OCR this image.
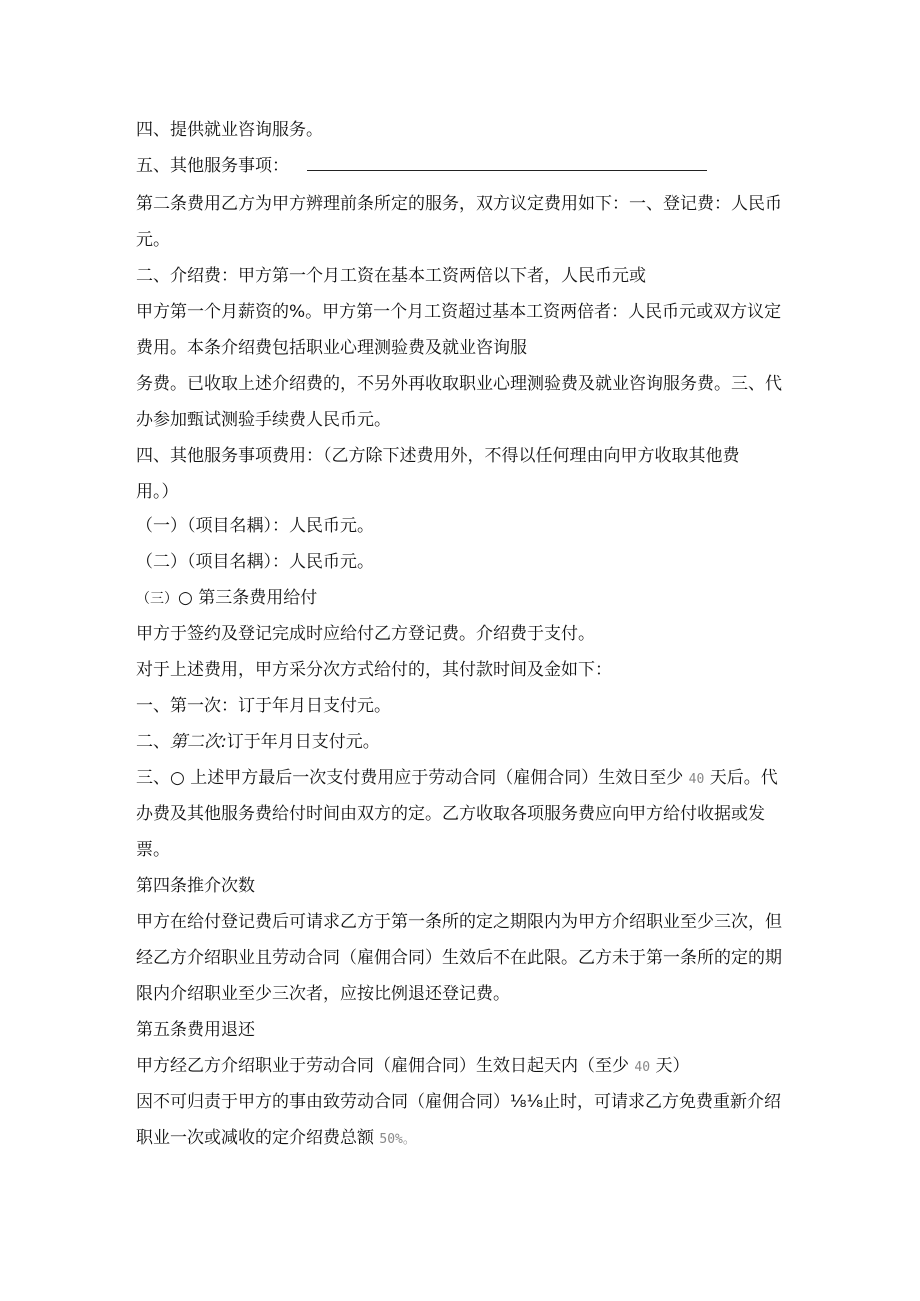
四、提供就业咨询服务。

五、其他服务事项：

第二条费用乙方为甲方辨理前条所定的服务，双方议定费用如下：一、登记费：人民币

元。

二、介绍费：甲方第一个月工资在基本工资两倍以下者，人民币元或

甲方第一个月薪资的%。甲方第一个月工资超过基本工资两倍者：人民币元或双方议定

费用。本条介绍费包括职业心理测验费及就业咨询服

务费。已收取上述介绍费的，不另外再收取职业心理测验费及就业咨询服务费。三、代

办参加甄试测验手续费人民币元。

四、其他服务事项费用：（乙方除下述费用外，不得以任何理由向甲方收取其他费

用。）

（一）（项目名耦）：人民币元。

（二）（项目名耦）：人民币元。

（三）○ 第三条费用给付

甲方于签约及登记完成时应给付乙方登记费。介绍费于支付。

对于上述费用，甲方采分次方式给付的，其付款时间及金如下：

一、第一次：订于年月日支付元。

二、第二次:订于年月日支付元。

三、○ 上述甲方最后一次支付费用应于劳动合同（雇佣合同）生效日至少 40 天后。代

办费及其他服务费给付时间由双方的定。乙方收取各项服务费应向甲方给付收据或发

票。

第四条推介次数

甲方在给付登记费后可请求乙方于第一条所的定之期限内为甲方介绍职业至少三次，但

经乙方介绍职业且劳动合同（雇佣合同）生效后不在此限。乙方未于第一条所的定的期

限内介绍职业至少三次者，应按比例退还登记费。

第五条费用退还

甲方经乙方介绍职业于劳动合同（雇佣合同）生效日起天内（至少 40 天）

因不可归责于甲方的事由致劳动合同（雇佣合同）⅛⅛止时，可请求乙方免费重新介绍

职业一次或减收的定介绍费总额 50%。
